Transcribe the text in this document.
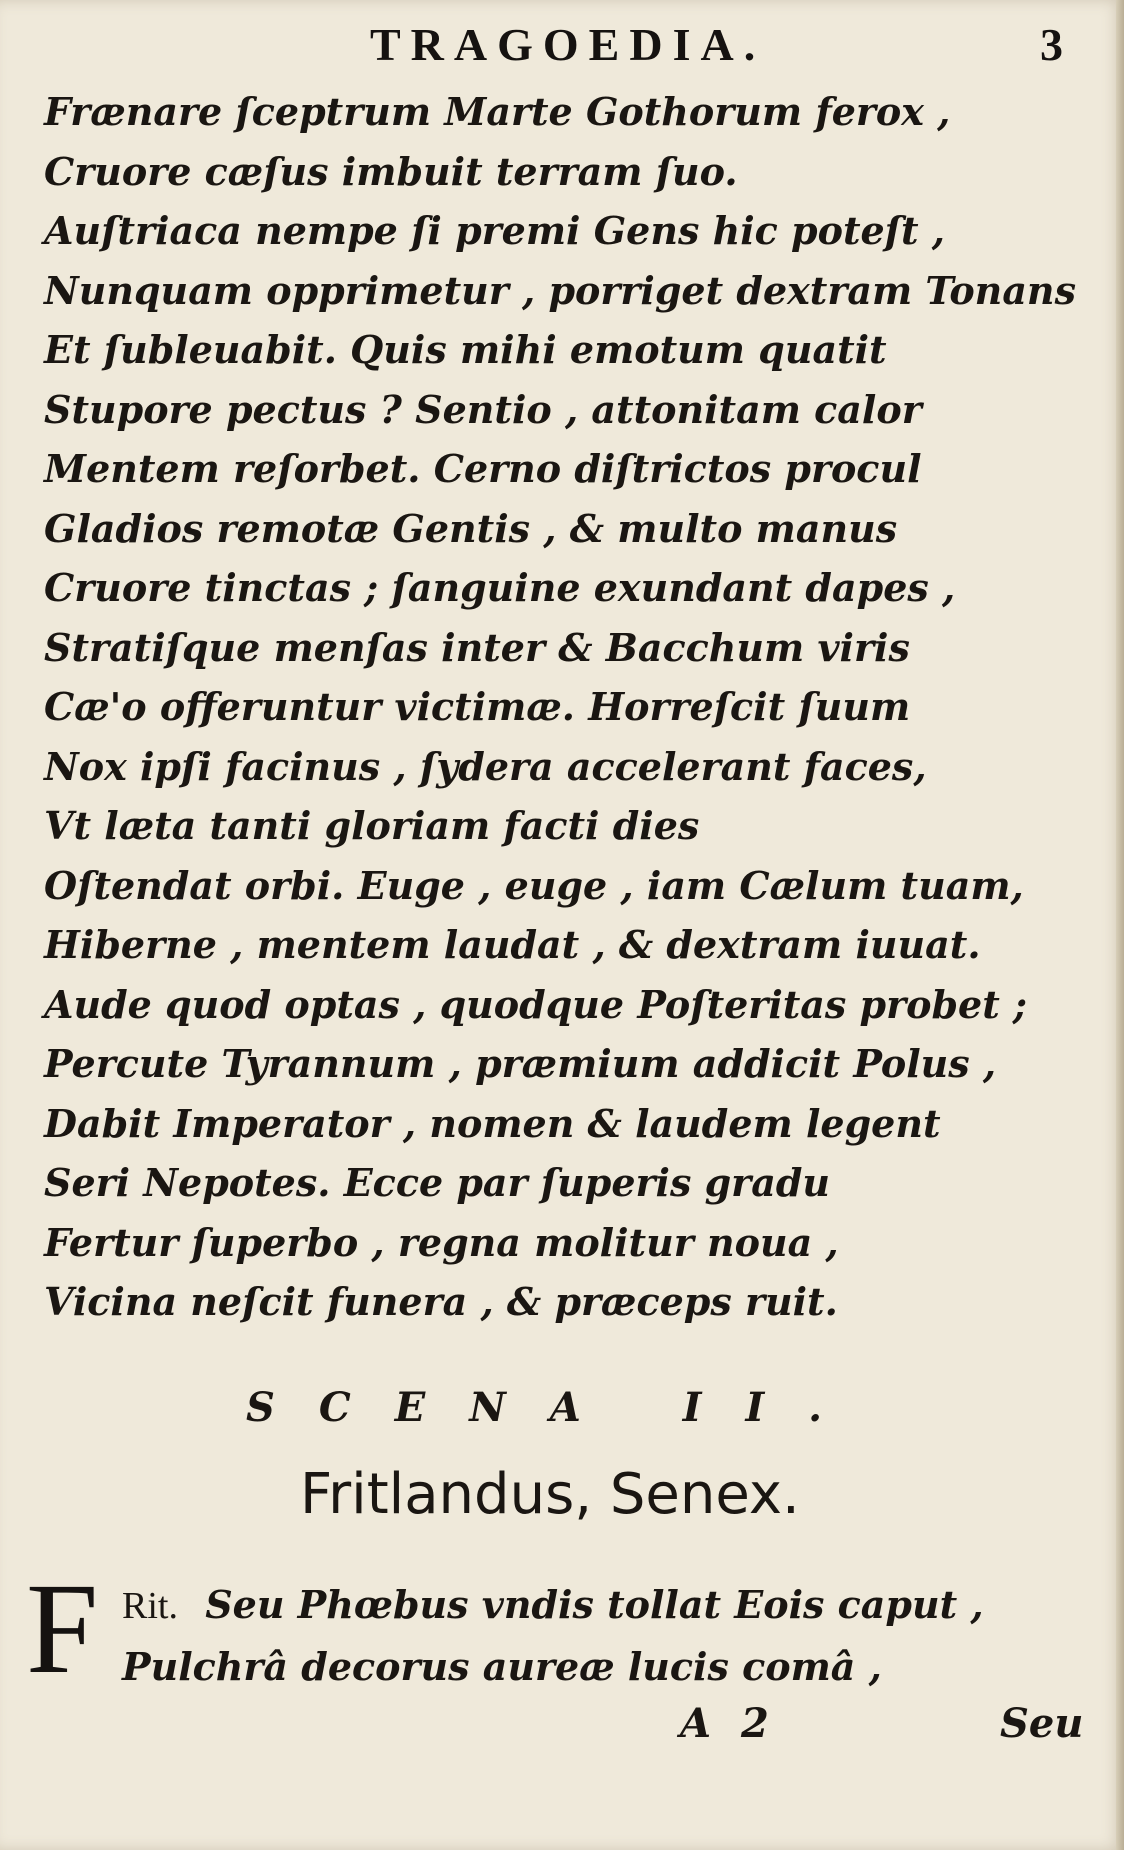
TRAGOEDIA.	3
Frænare ſceptrum Marte Gothorum ferox ,
Cruore cæſus imbuit terram ſuo.
Auſtriaca nempe ſi premi Gens hic poteſt ,
Nunquam opprimetur , porriget dextram Tonans
Et ſubleuabit. Quis mihi emotum quatit
Stupore pectus ? Sentio , attonitam calor
Mentem reſorbet. Cerno diſtrictos procul
Gladios remotæ Gentis , & multo manus
Cruore tinctas ; ſanguine exundant dapes ,
Stratiſque menſas inter & Bacchum viris
Cæ'o offeruntur victimæ. Horreſcit ſuum
Nox ipſi facinus , ſydera accelerant faces,
Vt læta tanti gloriam facti dies
Oſtendat orbi. Euge , euge , iam Cælum tuam,
Hiberne , mentem laudat , & dextram iuuat.
Aude quod optas , quodque Poſteritas probet ;
Percute Tyrannum , præmium addicit Polus ,
Dabit Imperator , nomen & laudem legent
Seri Nepotes. Ecce par ſuperis gradu
Fertur ſuperbo , regna molitur noua ,
Vicina neſcit funera , & præceps ruit.
SCENA II.
Fritlandus, Senex.
F Rit. Seu Phœbus vndis tollat Eois caput ,
Pulchrâ decorus aureæ lucis comâ ,
A 2	Seu
